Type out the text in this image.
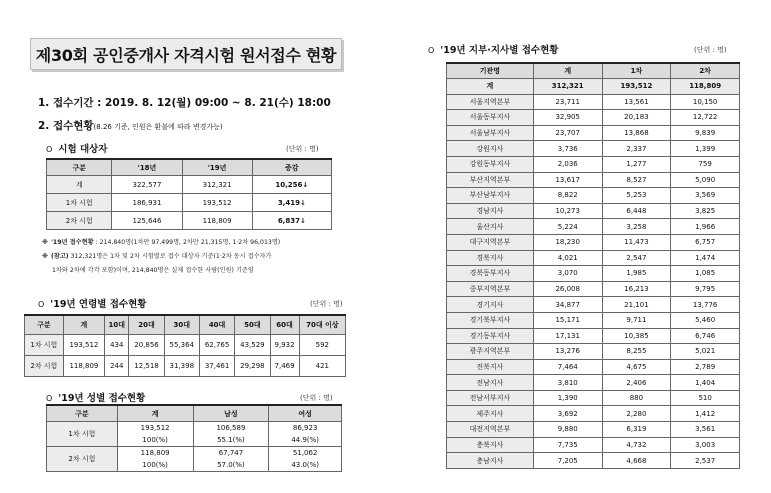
제30회 공인중개사 자격시험 원서접수 현황
1. 접수기간 : 2019. 8. 12(월) 09:00 ~ 8. 21(수) 18:00
2. 접수현황(8.26 기준, 인원은 환불에 따라 변경가능)
O 시험 대상자	(단위 : 명)
구분	'18년	'19년	증감
계	322,577	312,321	10,256↓
1차 시험	186,931	193,512	3,419↓
2차 시험	125,646	118,809	6,837↓
※ '19년 접수현황 : 214,840명(1차만 97,499명, 2차만 21,315명, 1·2차 96,013명)
※ (참고) 312,321명은 1차 및 2차 시험별로 접수 대상자 기준(1·2차 동시 접수자가
1차와 2차에 각각 포함)이며, 214,840명은 실제 접수한 사람(인원) 기준임
O '19년 연령별 접수현황	(단위 : 명)
구분	계	10대	20대	30대	40대	50대	60대	70대 이상
1차 시험	193,512	434	20,856	55,364	62,765	43,529	9,932	592
2차 시험	118,809	244	12,518	31,398	37,461	29,298	7,469	421
O '19년 성별 접수현황	(단위 : 명)
구분	계	남성	여성
1차 시험	193,512	106,589	86,923
	100(%)	55.1(%)	44.9(%)
2차 시험	118,809	67,747	51,062
	100(%)	57.0(%)	43.0(%)
O '19년 지부·지사별 접수현황	(단위 : 명)
기관명	계	1차	2차
계	312,321	193,512	118,809
서울지역본부	23,711	13,561	10,150
서울동부지사	32,905	20,183	12,722
서울남부지사	23,707	13,868	9,839
강원지사	3,736	2,337	1,399
강원동부지사	2,036	1,277	759
부산지역본부	13,617	8,527	5,090
부산남부지사	8,822	5,253	3,569
경남지사	10,273	6,448	3,825
울산지사	5,224	3,258	1,966
대구지역본부	18,230	11,473	6,757
경북지사	4,021	2,547	1,474
경북동부지사	3,070	1,985	1,085
중부지역본부	26,008	16,213	9,795
경기지사	34,877	21,101	13,776
경기북부지사	15,171	9,711	5,460
경기동부지사	17,131	10,385	6,746
광주지역본부	13,276	8,255	5,021
전북지사	7,464	4,675	2,789
전남지사	3,810	2,406	1,404
전남서부지사	1,390	880	510
제주지사	3,692	2,280	1,412
대전지역본부	9,880	6,319	3,561
충북지사	7,735	4,732	3,003
충남지사	7,205	4,668	2,537
